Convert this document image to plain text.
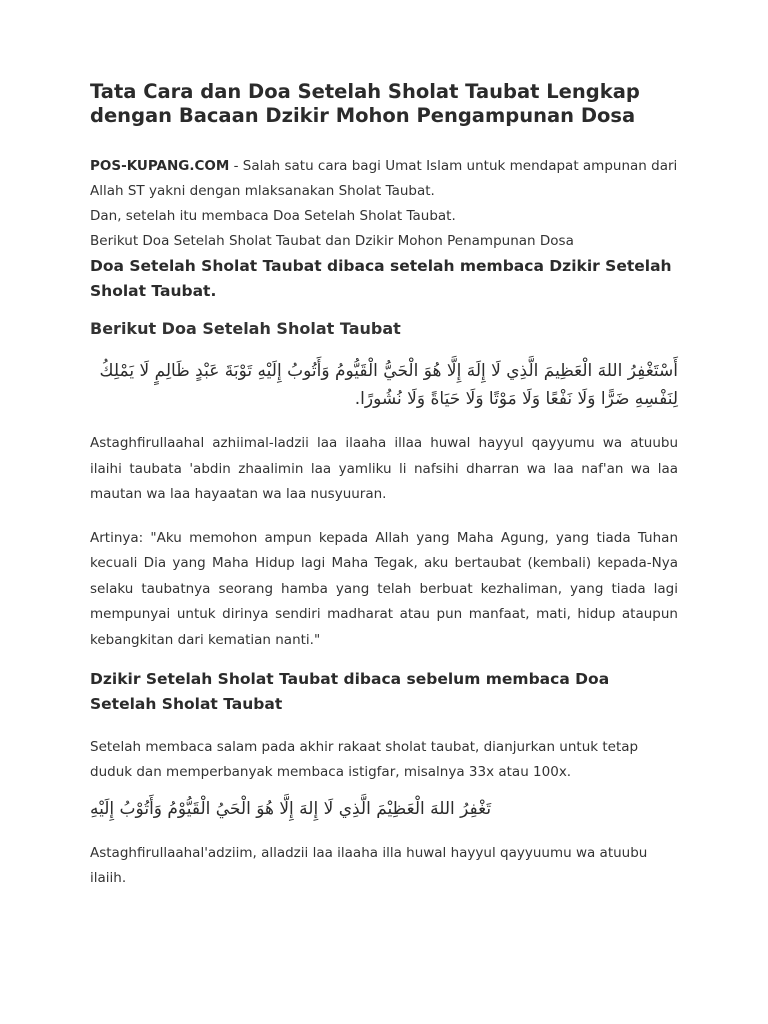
Tata Cara dan Doa Setelah Sholat Taubat Lengkap dengan Bacaan Dzikir Mohon Pengampunan Dosa

POS-KUPANG.COM - Salah satu cara bagi Umat Islam untuk mendapat ampunan dari Allah ST yakni dengan mlaksanakan Sholat Taubat.

Dan, setelah itu membaca Doa Setelah Sholat Taubat.

Berikut Doa Setelah Sholat Taubat dan Dzikir Mohon Penampunan Dosa

Doa Setelah Sholat Taubat dibaca setelah membaca Dzikir Setelah Sholat Taubat.
Berikut Doa Setelah Sholat Taubat

أَسْتَغْفِرُ اللهَ الْعَظِيمَ الَّذِي لَا إِلَهَ إِلَّا هُوَ الْحَيُّ الْقَيُّومُ وَأَتُوبُ إِلَيْهِ تَوْبَةَ عَبْدٍ ظَالِمٍ لَا يَمْلِكُ لِنَفْسِهِ ضَرًّا وَلَا نَفْعًا وَلَا مَوْتًا وَلَا حَيَاةً وَلَا نُشُورًا.

Astaghfirullaahal azhiimal-ladzii laa ilaaha illaa huwal hayyul qayyumu wa atuubu ilaihi taubata 'abdin zhaalimin laa yamliku li nafsihi dharran wa laa naf'an wa laa mautan wa laa hayaatan wa laa nusyuuran.

Artinya: "Aku memohon ampun kepada Allah yang Maha Agung, yang tiada Tuhan kecuali Dia yang Maha Hidup lagi Maha Tegak, aku bertaubat (kembali) kepada-Nya selaku taubatnya seorang hamba yang telah berbuat kezhaliman, yang tiada lagi mempunyai untuk dirinya sendiri madharat atau pun manfaat, mati, hidup ataupun kebangkitan dari kematian nanti."

Dzikir Setelah Sholat Taubat dibaca sebelum membaca Doa Setelah Sholat Taubat

Setelah membaca salam pada akhir rakaat sholat taubat, dianjurkan untuk tetap duduk dan memperbanyak membaca istigfar, misalnya 33x atau 100x.

تَغْفِرُ اللهَ الْعَظِيْمَ الَّذِي لَا إِلهَ إِلَّا هُوَ الْحَيُ الْقَيُّوْمُ وَأَتُوْبُ إِلَيْهِ

Astaghfirullaahal'adziim, alladzii laa ilaaha illa huwal hayyul qayyuumu wa atuubu ilaiih.
